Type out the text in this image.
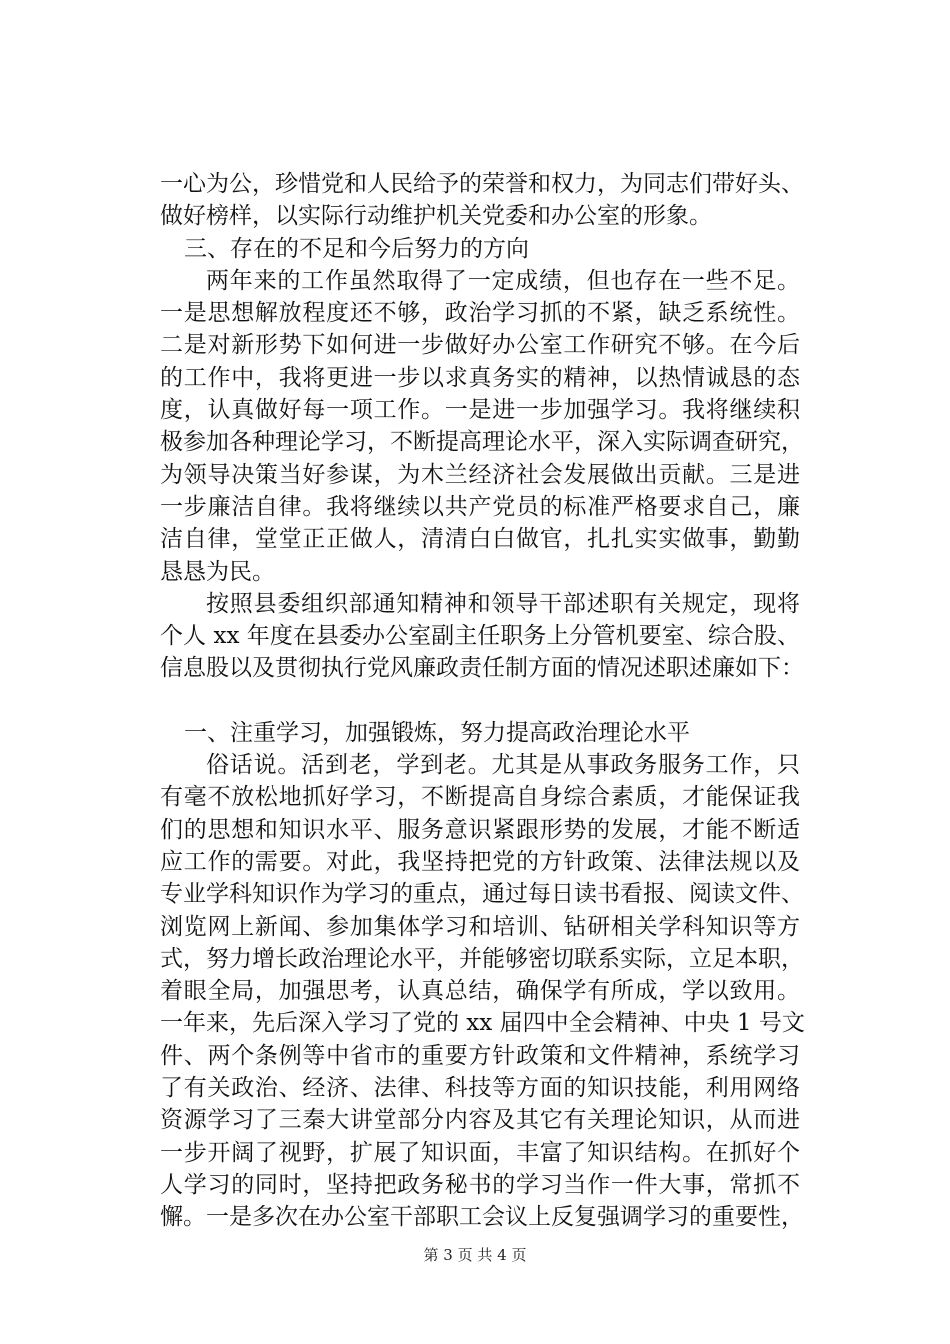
一心为公，珍惜党和人民给予的荣誉和权力，为同志们带好头、
做好榜样，以实际行动维护机关党委和办公室的形象。
三、存在的不足和今后努力的方向
两年来的工作虽然取得了一定成绩，但也存在一些不足。
一是思想解放程度还不够，政治学习抓的不紧，缺乏系统性。
二是对新形势下如何进一步做好办公室工作研究不够。在今后
的工作中，我将更进一步以求真务实的精神，以热情诚恳的态
度，认真做好每一项工作。一是进一步加强学习。我将继续积
极参加各种理论学习，不断提高理论水平，深入实际调查研究，
为领导决策当好参谋，为木兰经济社会发展做出贡献。三是进
一步廉洁自律。我将继续以共产党员的标准严格要求自己，廉
洁自律，堂堂正正做人，清清白白做官，扎扎实实做事，勤勤
恳恳为民。
按照县委组织部通知精神和领导干部述职有关规定，现将
个人 xx 年度在县委办公室副主任职务上分管机要室、综合股、
信息股以及贯彻执行党风廉政责任制方面的情况述职述廉如下：
一、注重学习，加强锻炼，努力提高政治理论水平
俗话说。活到老，学到老。尤其是从事政务服务工作，只
有毫不放松地抓好学习，不断提高自身综合素质，才能保证我
们的思想和知识水平、服务意识紧跟形势的发展，才能不断适
应工作的需要。对此，我坚持把党的方针政策、法律法规以及
专业学科知识作为学习的重点，通过每日读书看报、阅读文件、
浏览网上新闻、参加集体学习和培训、钻研相关学科知识等方
式，努力增长政治理论水平，并能够密切联系实际，立足本职，
着眼全局，加强思考，认真总结，确保学有所成，学以致用。
一年来，先后深入学习了党的 xx 届四中全会精神、中央 1 号文
件、两个条例等中省市的重要方针政策和文件精神，系统学习
了有关政治、经济、法律、科技等方面的知识技能，利用网络
资源学习了三秦大讲堂部分内容及其它有关理论知识，从而进
一步开阔了视野，扩展了知识面，丰富了知识结构。在抓好个
人学习的同时，坚持把政务秘书的学习当作一件大事，常抓不
懈。一是多次在办公室干部职工会议上反复强调学习的重要性，
第 3 页 共 4 页
